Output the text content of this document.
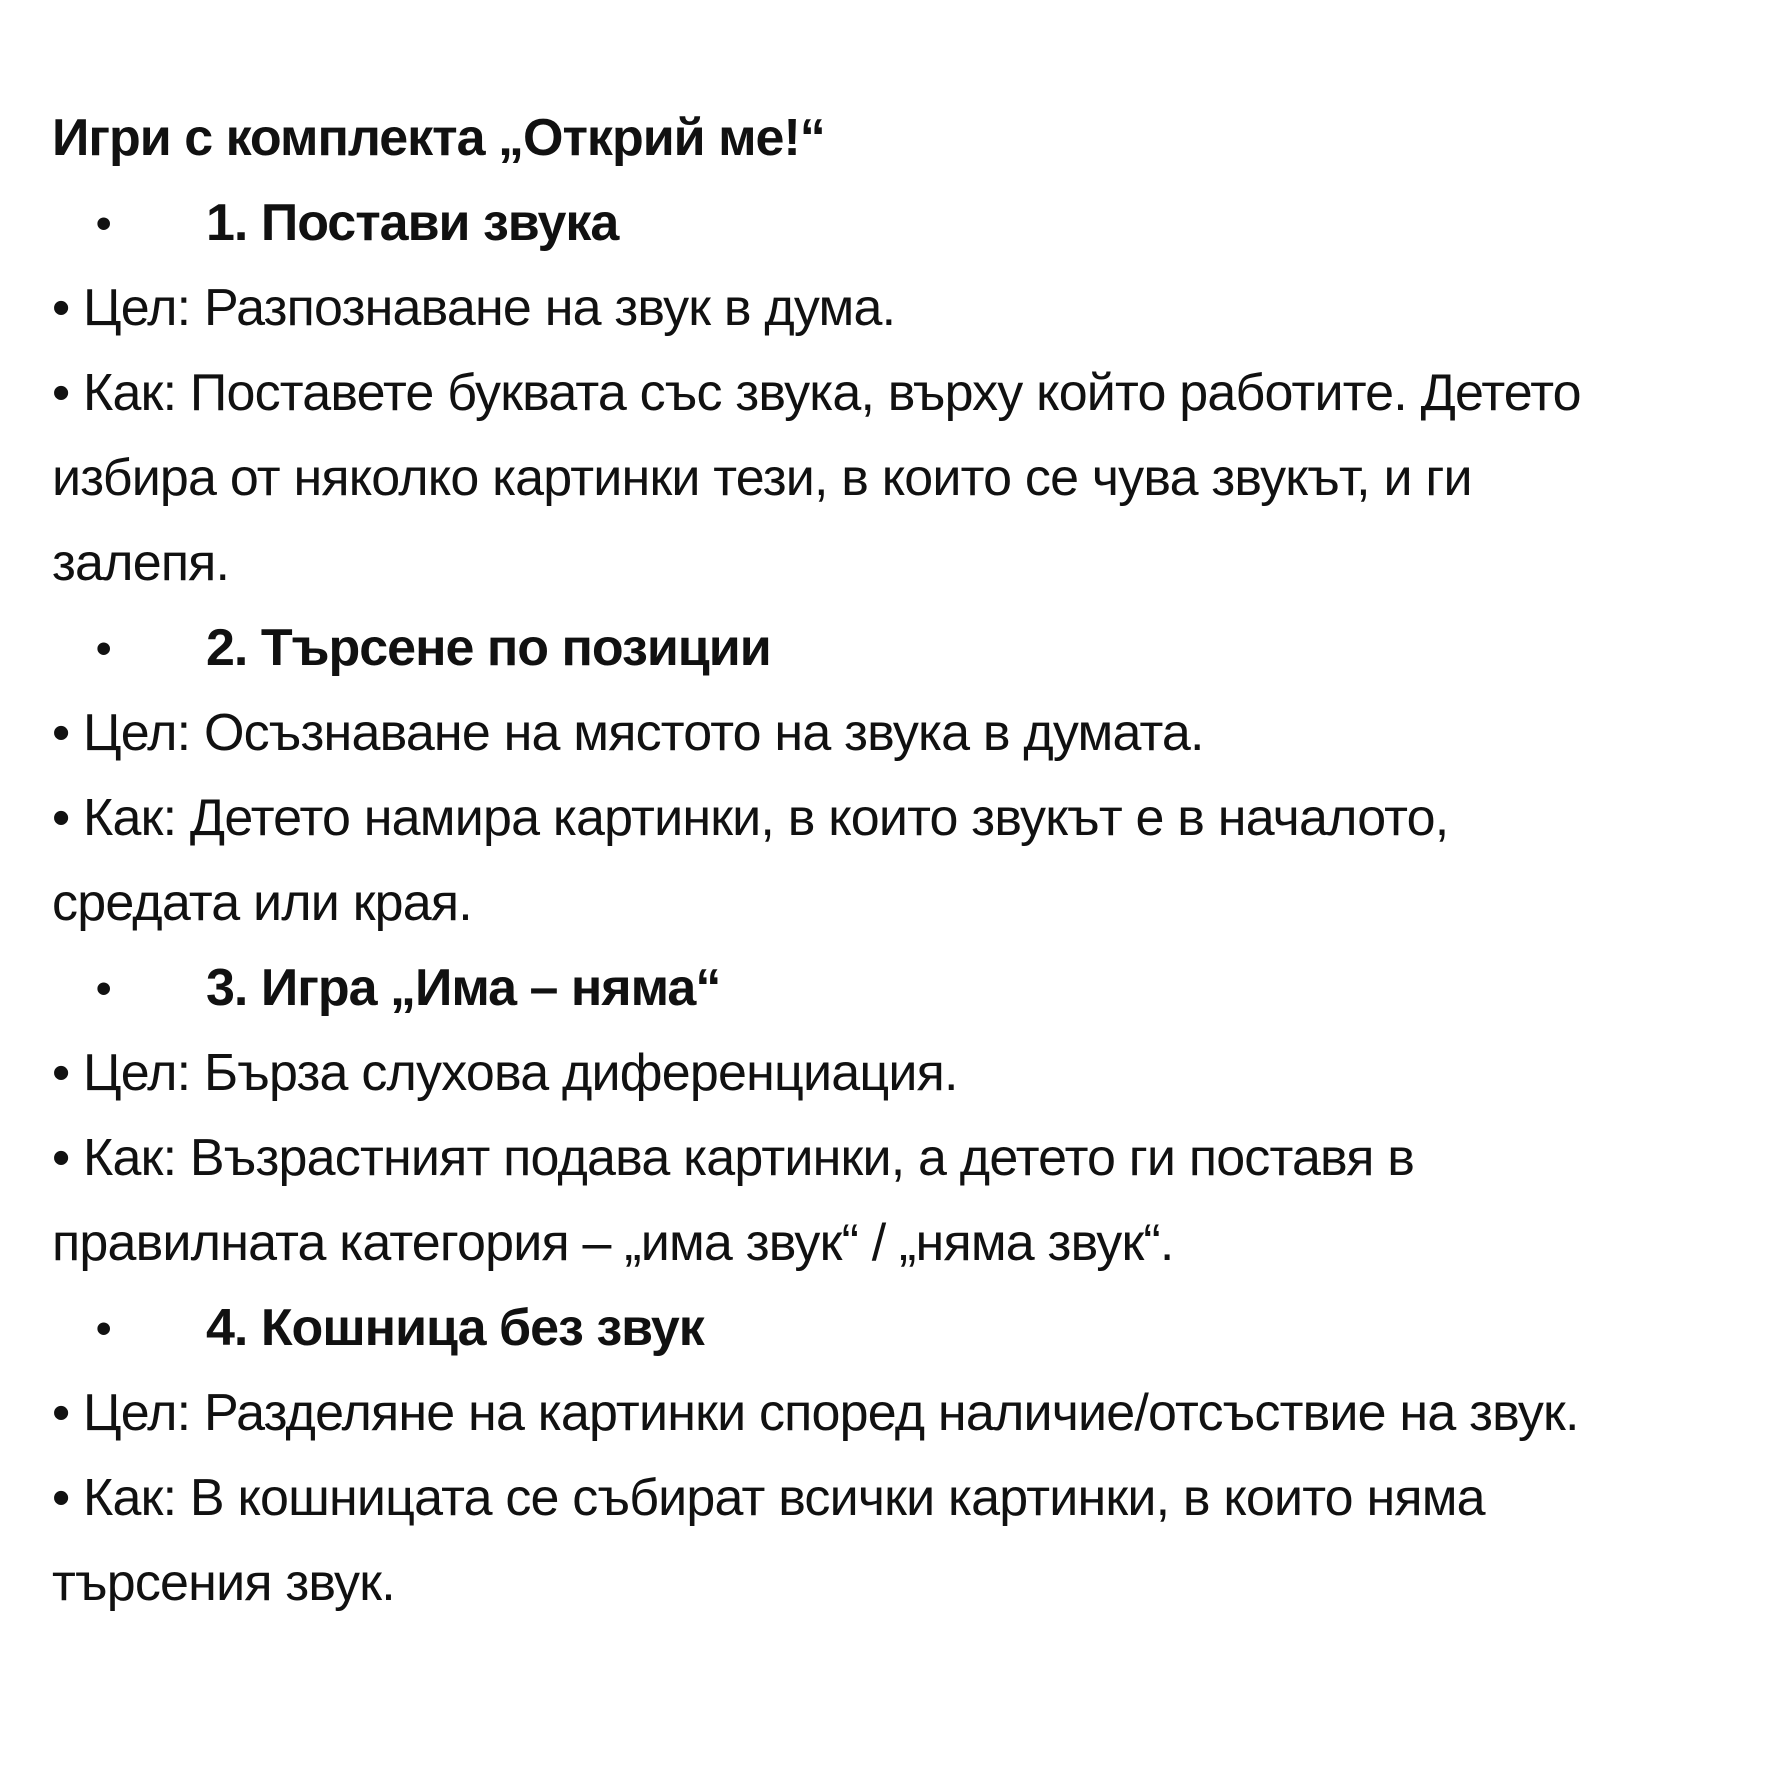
Игри с комплекта „Открий ме!“

• 1. Постави звука

• Цел: Разпознаване на звук в дума.

• Как: Поставете буквата със звука, върху който работите. Детето

избира от няколко картинки тези, в които се чува звукът, и ги

залепя.

• 2. Търсене по позиции

• Цел: Осъзнаване на мястото на звука в думата.

• Как: Детето намира картинки, в които звукът е в началото,

средата или края.

• 3. Игра „Има – няма“

• Цел: Бърза слухова диференциация.

• Как: Възрастният подава картинки, а детето ги поставя в

правилната категория – „има звук“ / „няма звук“.

• 4. Кошница без звук

• Цел: Разделяне на картинки според наличие/отсъствие на звук.

• Как: В кошницата се събират всички картинки, в които няма

търсения звук.
